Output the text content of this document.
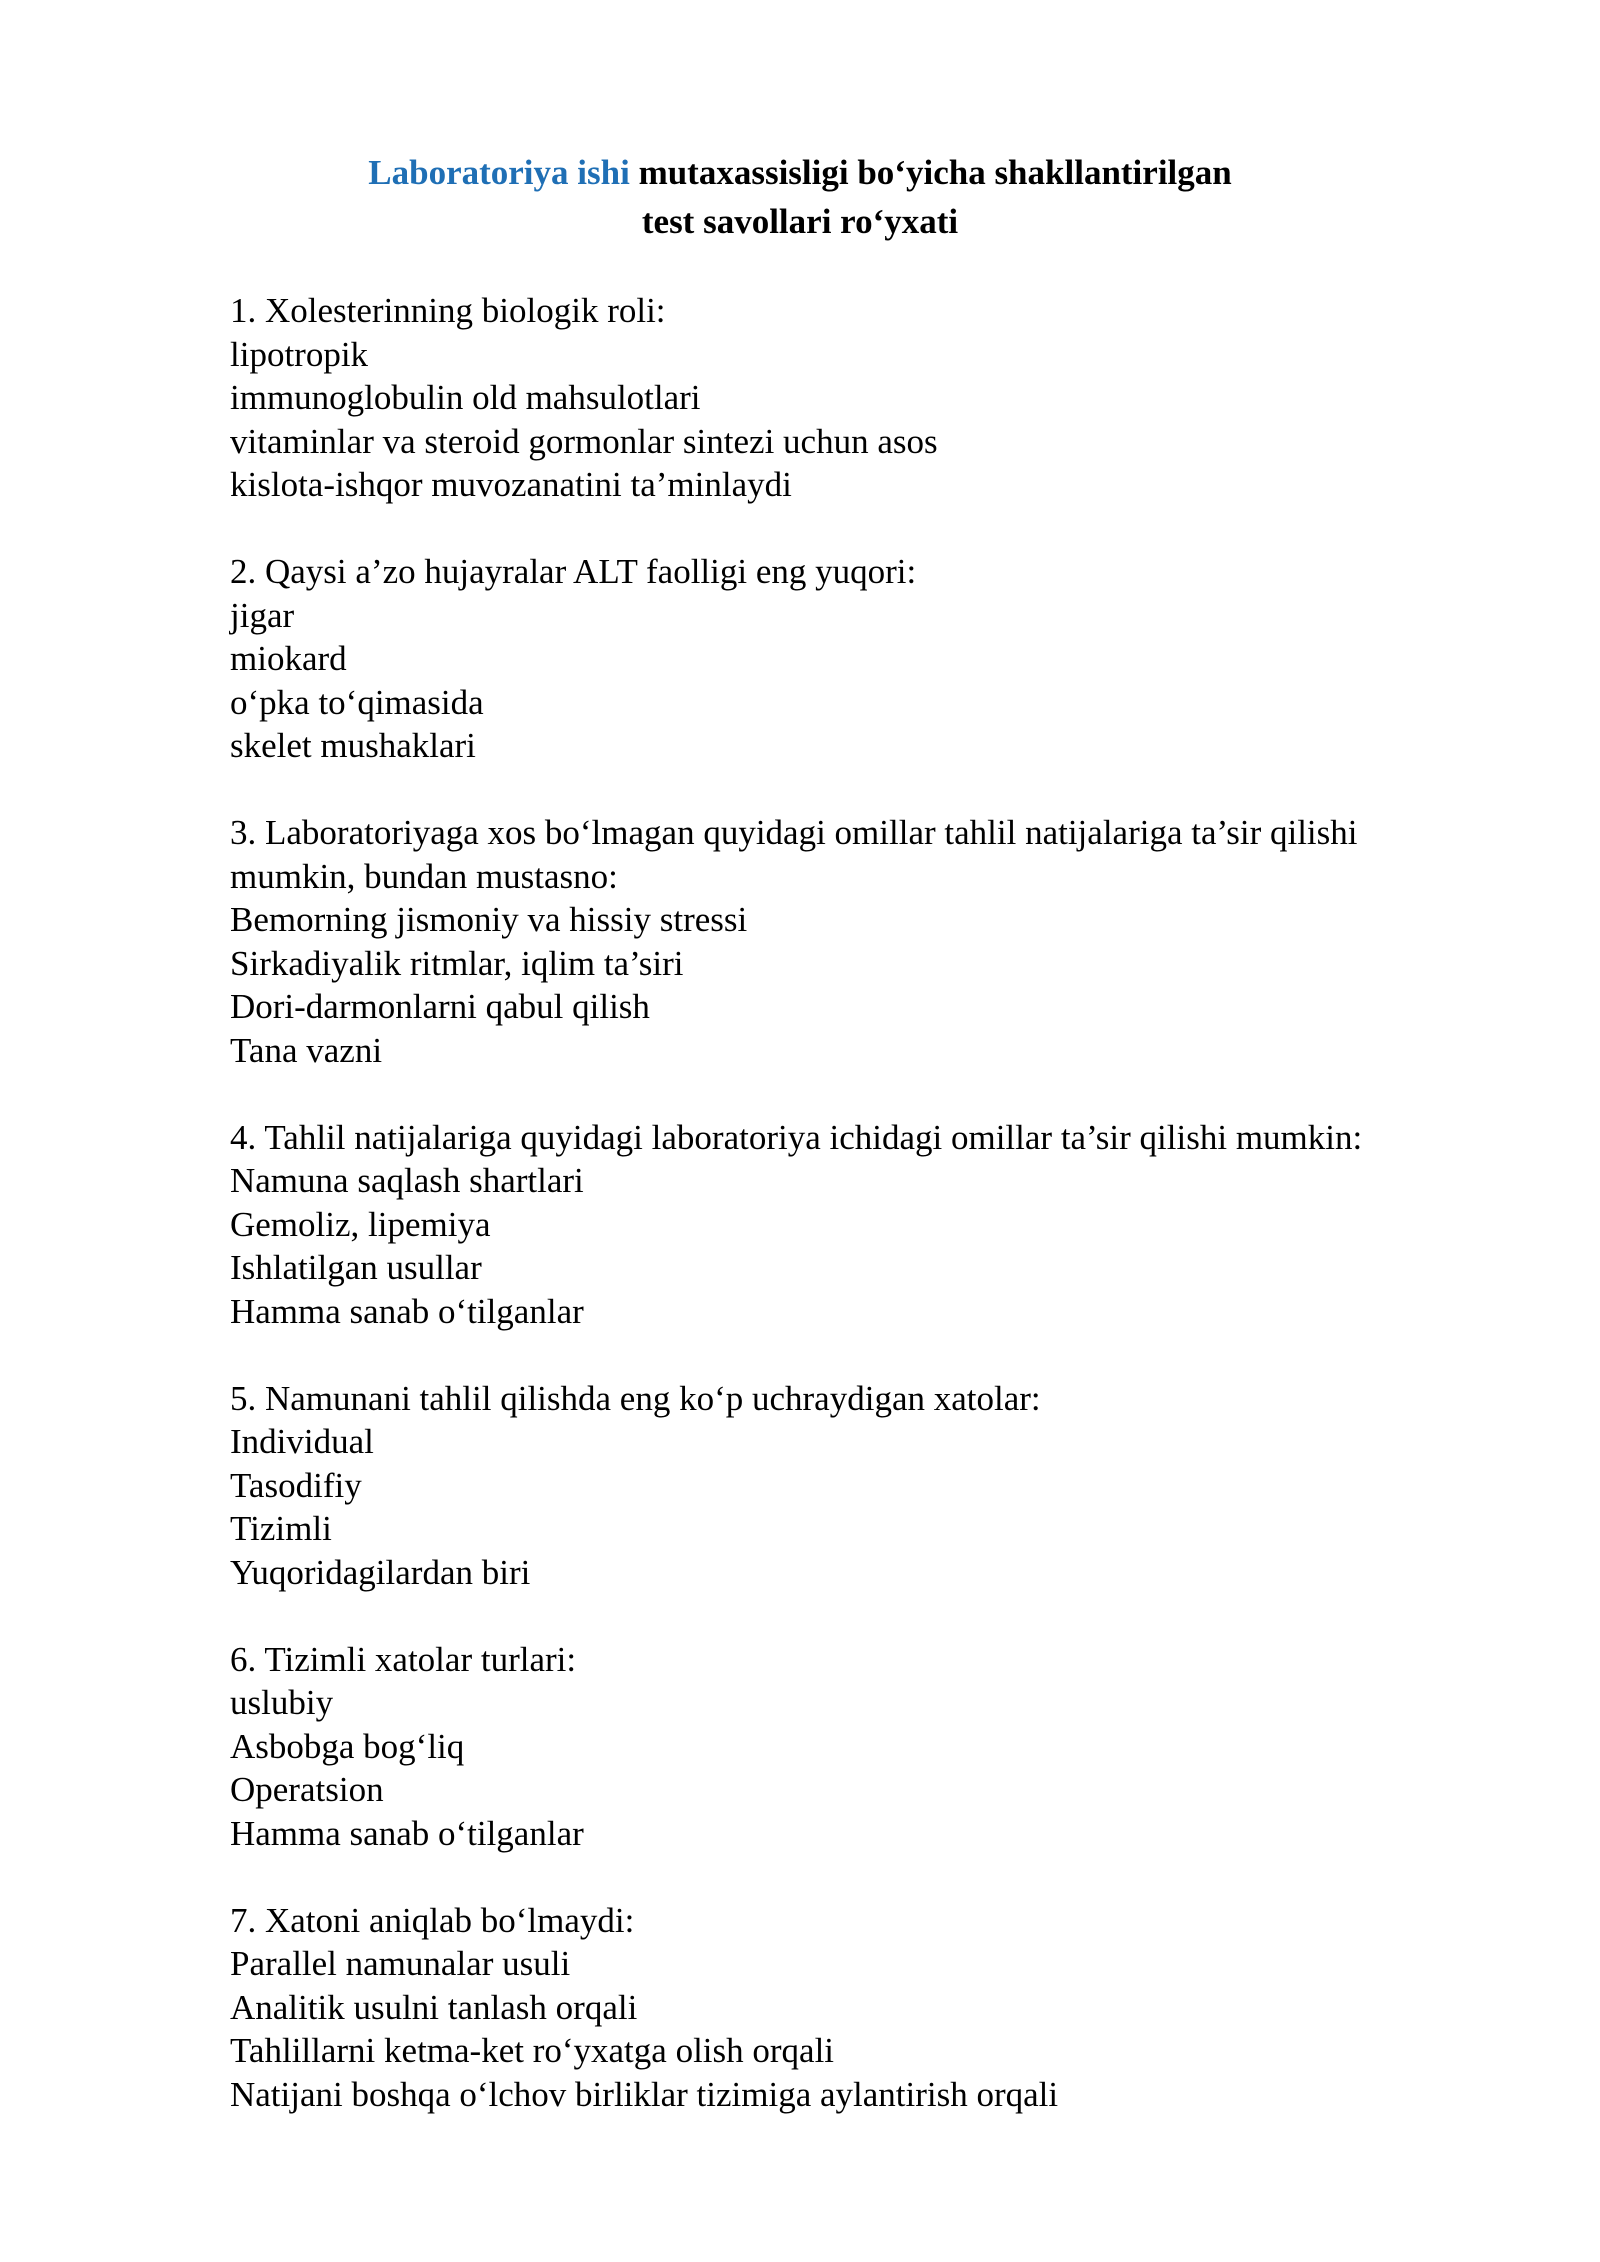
Laboratoriya ishi mutaxassisligi bo‘yicha shakllantirilgan
test savollari ro‘yxati
1. Xolesterinning biologik roli:
lipotropik
immunoglobulin old mahsulotlari
vitaminlar va steroid gormonlar sintezi uchun asos
kislota-ishqor muvozanatini ta’minlaydi
2. Qaysi a’zo hujayralar ALT faolligi eng yuqori:
jigar
miokard
o‘pka to‘qimasida
skelet mushaklari
3. Laboratoriyaga xos bo‘lmagan quyidagi omillar tahlil natijalariga ta’sir qilishi mumkin, bundan mustasno:
Bemorning jismoniy va hissiy stressi
Sirkadiyalik ritmlar, iqlim ta’siri
Dori-darmonlarni qabul qilish
Tana vazni
4. Tahlil natijalariga quyidagi laboratoriya ichidagi omillar ta’sir qilishi mumkin:
Namuna saqlash shartlari
Gemoliz, lipemiya
Ishlatilgan usullar
Hamma sanab o‘tilganlar
5. Namunani tahlil qilishda eng ko‘p uchraydigan xatolar:
Individual
Tasodifiy
Tizimli
Yuqoridagilardan biri
6. Tizimli xatolar turlari:
uslubiy
Asbobga bog‘liq
Operatsion
Hamma sanab o‘tilganlar
7. Xatoni aniqlab bo‘lmaydi:
Parallel namunalar usuli
Analitik usulni tanlash orqali
Tahlillarni ketma-ket ro‘yxatga olish orqali
Natijani boshqa o‘lchov birliklar tizimiga aylantirish orqali
